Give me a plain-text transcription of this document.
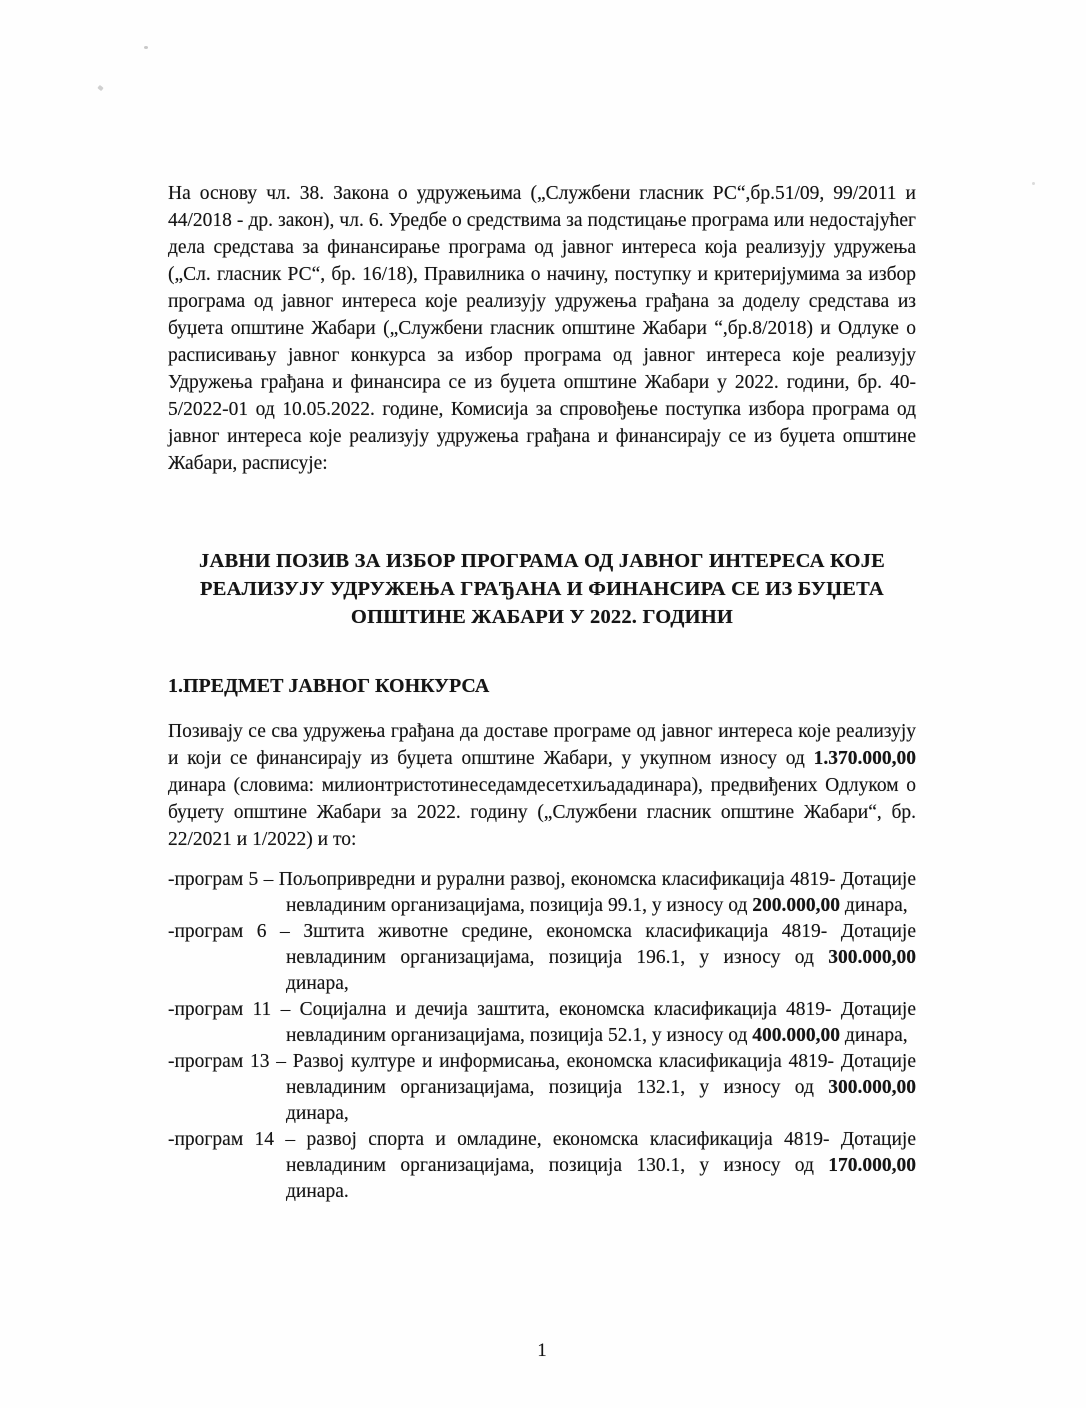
На основу чл. 38. Закона о удружењима („Службени гласник РС“,бр.51/09, 99/2011 и 44/2018 - др. закон), чл. 6. Уредбе о средствима за подстицање програма или недостајућег дела средстава за финансирање програма од јавног интереса која реализују удружења („Сл. гласник РС“, бр. 16/18), Правилника о начину, поступку и критеријумима за избор програма од јавног интереса које реализују удружења грађана за доделу средстава из буџета општине Жабари („Службени гласник општине Жабари “,бр.8/2018) и Одлуке о расписивању јавног конкурса за избор програма од јавног интереса које реализују Удружења грађана и финансира се из буџета општине Жабари у 2022. години, бр. 40-5/2022-01 од 10.05.2022. године, Комисија за спровођење поступка избора програма од јавног интереса које реализују удружења грађана и финансирају се из буџета општине Жабари, расписује:

ЈАВНИ ПОЗИВ ЗА ИЗБОР ПРОГРАМА ОД ЈАВНОГ ИНТЕРЕСА КОЈЕ РЕАЛИЗУЈУ УДРУЖЕЊА ГРАЂАНА И ФИНАНСИРА СЕ ИЗ БУЏЕТА ОПШТИНЕ ЖАБАРИ У 2022. ГОДИНИ
1.ПРЕДМЕТ ЈАВНОГ КОНКУРСА

Позивају се сва удружења грађана да доставе програме од јавног интереса које реализују и који се финансирају из буџета општине Жабари, у укупном износу од 1.370.000,00 динара (словима: милионтристотинеседамдесетхиљададинара), предвиђених Одлуком о буџету општине Жабари за 2022. годину („Службени гласник општине Жабари“, бр. 22/2021 и 1/2022) и то:

-програм 5 – Пољопривредни и рурални развој, економска класификација 4819- Дотације невладиним организацијама, позиција 99.1, у износу од 200.000,00 динара,
-програм 6 – Зштита животне средине, економска класификација 4819- Дотације невладиним организацијама, позиција 196.1, у износу од 300.000,00 динара,
-програм 11 – Социјална и дечија заштита, економска класификација 4819- Дотације невладиним организацијама, позиција 52.1, у износу од 400.000,00 динара,
-програм 13 – Развој културе и информисања, економска класификација 4819- Дотације невладиним организацијама, позиција 132.1, у износу од 300.000,00 динара,
-програм 14 – развој спорта и омладине, економска класификација 4819- Дотације невладиним организацијама, позиција 130.1, у износу од 170.000,00 динара.
1
